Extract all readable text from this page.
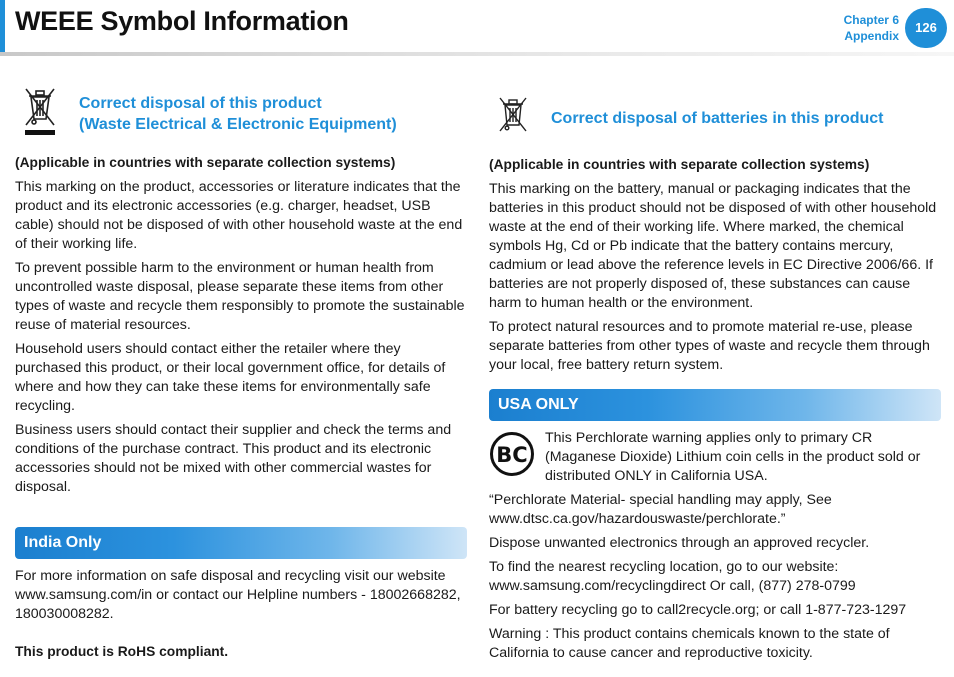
WEEE Symbol Information	Chapter 6
Appendix
126
Correct disposal of this product
(Waste Electrical & Electronic Equipment)

(Applicable in countries with separate collection systems)

This marking on the product, accessories or literature indicates that the product and its electronic accessories (e.g. charger, headset, USB cable) should not be disposed of with other household waste at the end of their working life.

To prevent possible harm to the environment or human health from uncontrolled waste disposal, please separate these items from other types of waste and recycle them responsibly to promote the sustainable reuse of material resources.

Household users should contact either the retailer where they purchased this product, or their local government office, for details of where and how they can take these items for environmentally safe recycling.

Business users should contact their supplier and check the terms and conditions of the purchase contract. This product and its electronic accessories should not be mixed with other commercial wastes for disposal.

India Only

For more information on safe disposal and recycling visit our website www.samsung.com/in or contact our Helpline numbers - 18002668282, 180030008282.

This product is RoHS compliant.

Correct disposal of batteries in this product

(Applicable in countries with separate collection systems)

This marking on the battery, manual or packaging indicates that the batteries in this product should not be disposed of with other household waste at the end of their working life. Where marked, the chemical symbols Hg, Cd or Pb indicate that the battery contains mercury, cadmium or lead above the reference levels in EC Directive 2006/66. If batteries are not properly disposed of, these substances can cause harm to human health or the environment.

To protect natural resources and to promote material re-use, please separate batteries from other types of waste and recycle them through your local, free battery return system.

USA ONLY
BC

This Perchlorate warning applies only to primary CR (Maganese Dioxide) Lithium coin cells in the product sold or distributed ONLY in California USA.

“Perchlorate Material- special handling may apply, See www.dtsc.ca.gov/hazardouswaste/perchlorate.”

Dispose unwanted electronics through an approved recycler.

To find the nearest recycling location, go to our website: www.samsung.com/recyclingdirect Or call, (877) 278-0799

For battery recycling go to call2recycle.org; or call 1-877-723-1297

Warning : This product contains chemicals known to the state of California to cause cancer and reproductive toxicity.
